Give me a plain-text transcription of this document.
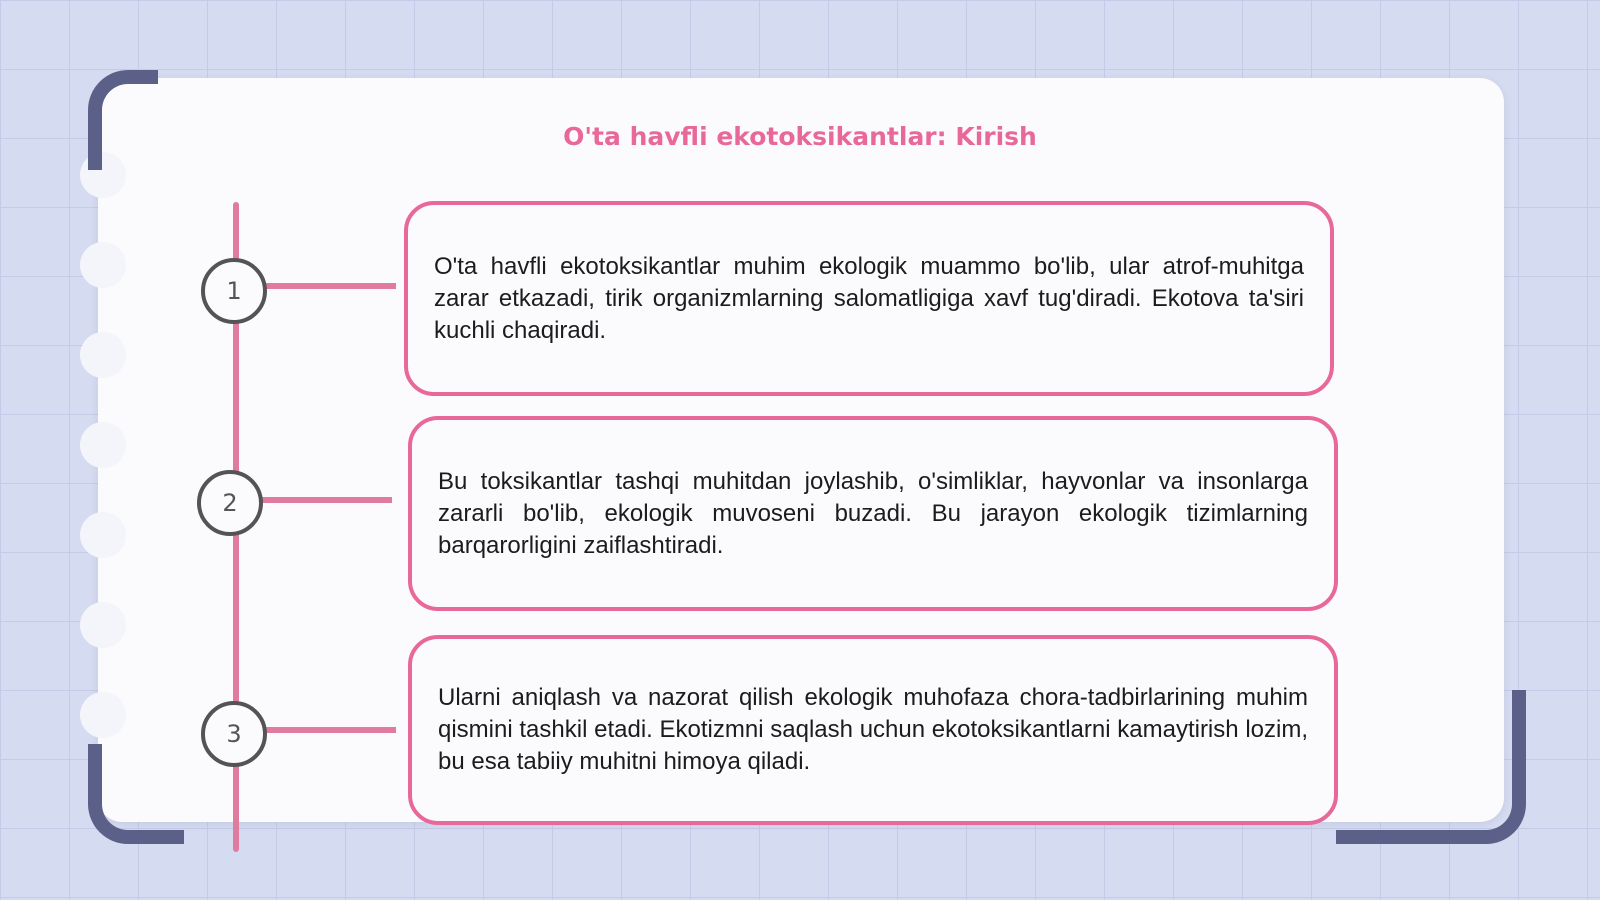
O'ta havfli ekotoksikantlar: Kirish
1
2
3

O'ta havfli ekotoksikantlar muhim ekologik muammo bo'lib, ular atrof-muhitga zarar etkazadi, tirik organizmlarning salomatligiga xavf tug'diradi. Ekotova ta'siri kuchli chaqiradi.

Bu toksikantlar tashqi muhitdan joylashib, o'simliklar, hayvonlar va insonlarga zararli bo'lib, ekologik muvoseni buzadi. Bu jarayon ekologik tizimlarning barqarorligini zaiflashtiradi.

Ularni aniqlash va nazorat qilish ekologik muhofaza chora-tadbirlarining muhim qismini tashkil etadi. Ekotizmni saqlash uchun ekotoksikantlarni kamaytirish lozim, bu esa tabiiy muhitni himoya qiladi.
